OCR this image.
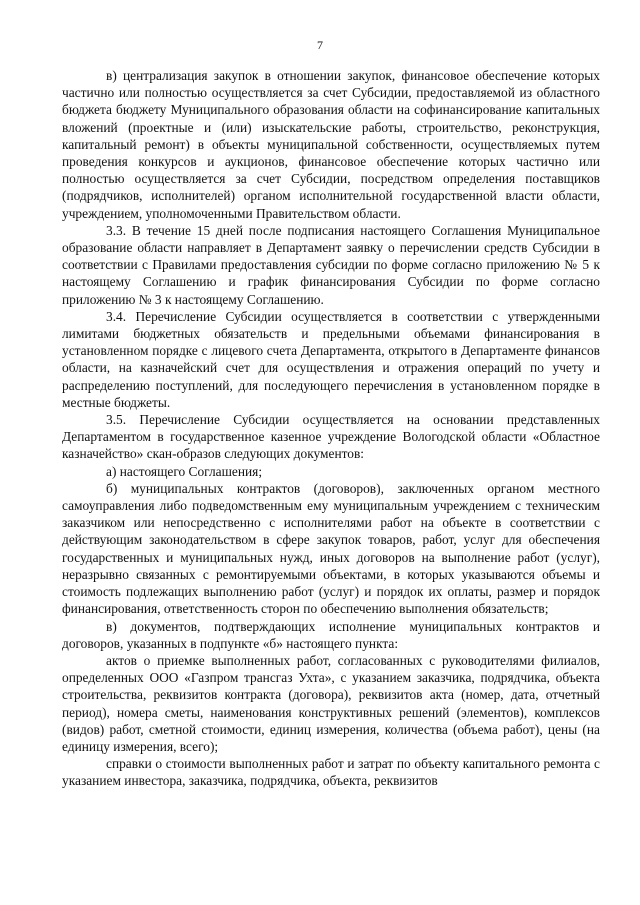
7

в) централизация закупок в отношении закупок, финансовое обеспечение которых частично или полностью осуществляется за счет Субсидии, предоставляемой из областного бюджета бюджету Муниципального образования области на софинансирование капитальных вложений (проектные и (или) изыскательские работы, строительство, реконструкция, капитальный ремонт) в объекты муниципальной собственности, осуществляемых путем проведения конкурсов и аукционов, финансовое обеспечение которых частично или полностью осуществляется за счет Субсидии, посредством определения поставщиков (подрядчиков, исполнителей) органом исполнительной государственной власти области, учреждением, уполномоченными Правительством области.

3.3. В течение 15 дней после подписания настоящего Соглашения Муниципальное образование области направляет в Департамент заявку о перечислении средств Субсидии в соответствии с Правилами предоставления субсидии по форме согласно приложению № 5 к настоящему Соглашению и график финансирования Субсидии по форме согласно приложению № 3 к настоящему Соглашению.

3.4. Перечисление Субсидии осуществляется в соответствии с утвержденными лимитами бюджетных обязательств и предельными объемами финансирования в установленном порядке с лицевого счета Департамента, открытого в Департаменте финансов области, на казначейский счет для осуществления и отражения операций по учету и распределению поступлений, для последующего перечисления в установленном порядке в местные бюджеты.

3.5. Перечисление Субсидии осуществляется на основании представленных Департаментом в государственное казенное учреждение Вологодской области «Областное казначейство» скан-образов следующих документов:

а) настоящего Соглашения;

б) муниципальных контрактов (договоров), заключенных органом местного самоуправления либо подведомственным ему муниципальным учреждением с техническим заказчиком или непосредственно с исполнителями работ на объекте в соответствии с действующим законодательством в сфере закупок товаров, работ, услуг для обеспечения государственных и муниципальных нужд, иных договоров на выполнение работ (услуг), неразрывно связанных с ремонтируемыми объектами, в которых указываются объемы и стоимость подлежащих выполнению работ (услуг) и порядок их оплаты, размер и порядок финансирования, ответственность сторон по обеспечению выполнения обязательств;

в) документов, подтверждающих исполнение муниципальных контрактов и договоров, указанных в подпункте «б» настоящего пункта:

актов о приемке выполненных работ, согласованных с руководителями филиалов, определенных ООО «Газпром трансгаз Ухта», с указанием заказчика, подрядчика, объекта строительства, реквизитов контракта (договора), реквизитов акта (номер, дата, отчетный период), номера сметы, наименования конструктивных решений (элементов), комплексов (видов) работ, сметной стоимости, единиц измерения, количества (объема работ), цены (на единицу измерения, всего);

справки о стоимости выполненных работ и затрат по объекту капитального ремонта с указанием инвестора, заказчика, подрядчика, объекта, реквизитов
